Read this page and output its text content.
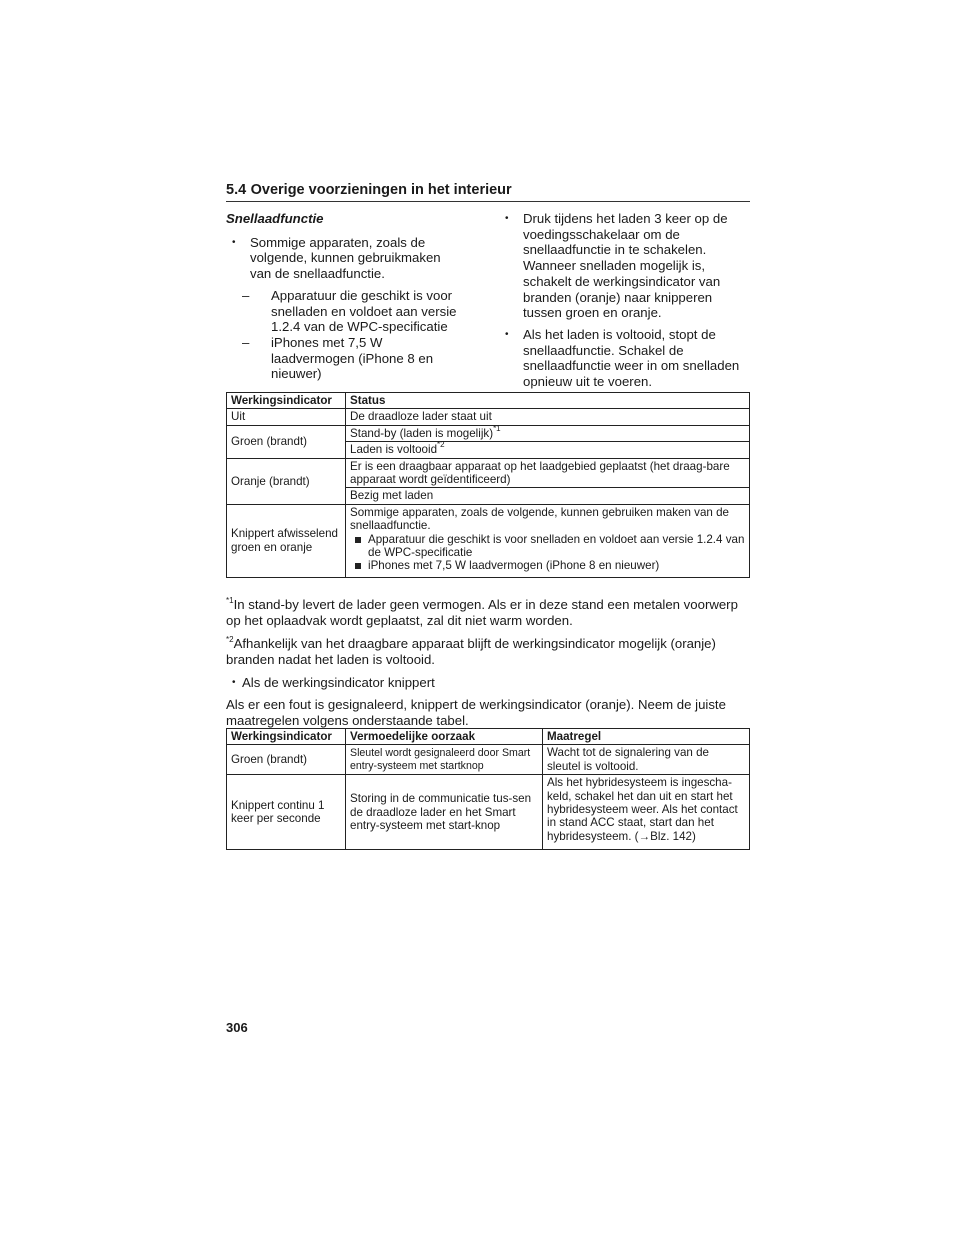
5.4 Overige voorzieningen in het interieur

Snellaadfunctie

• Sommige apparaten, zoals de volgende, kunnen gebruikmaken van de snellaadfunctie.

– Apparatuur die geschikt is voor snelladen en voldoet aan versie 1.2.4 van de WPC-specificatie

– iPhones met 7,5 W laadvermogen (iPhone 8 en nieuwer)

• Druk tijdens het laden 3 keer op de voedingsschakelaar om de snellaadfunctie in te schakelen. Wanneer snelladen mogelijk is, schakelt de werkingsindicator van branden (oranje) naar knipperen tussen groen en oranje.

• Als het laden is voltooid, stopt de snellaadfunctie. Schakel de snellaadfunctie weer in om snelladen opnieuw uit te voeren.

Werkingsindicator	Status
Uit	De draadloze lader staat uit
Groen (brandt)	Stand-by (laden is mogelijk)$^{*1}$
	Laden is voltooid$^{*2}$
Oranje (brandt)	Er is een draagbaar apparaat op het laadgebied geplaatst (het draag-bare apparaat wordt geïdentificeerd)
	Bezig met laden
Knippert afwisselend groen en oranje	Sommige apparaten, zoals de volgende, kunnen gebruiken maken van de snellaadfunctie.
Apparatuur die geschikt is voor snelladen en voldoet aan versie 1.2.4 van de WPC-specificatie
iPhones met 7,5 W laadvermogen (iPhone 8 en nieuwer)

$^{*1}$In stand-by levert de lader geen vermogen. Als er in deze stand een metalen voorwerp op het oplaadvak wordt geplaatst, zal dit niet warm worden.

$^{*2}$Afhankelijk van het draagbare apparaat blijft de werkingsindicator mogelijk (oranje) branden nadat het laden is voltooid.

• Als de werkingsindicator knippert

Als er een fout is gesignaleerd, knippert de werkingsindicator (oranje). Neem de juiste maatregelen volgens onderstaande tabel.

Werkingsindicator	Vermoedelijke oorzaak	Maatregel
Groen (brandt)	Sleutel wordt gesignaleerd door Smart entry-systeem met startknop	Wacht tot de signalering van de sleutel is voltooid.
Knippert continu 1 keer per seconde	Storing in de communicatie tus-sen de draadloze lader en het Smart entry-systeem met start-knop	Als het hybridesysteem is ingescha-keld, schakel het dan uit en start het hybridesysteem weer. Als het contact in stand ACC staat, start dan het hybridesysteem. (→Blz. 142)
306
